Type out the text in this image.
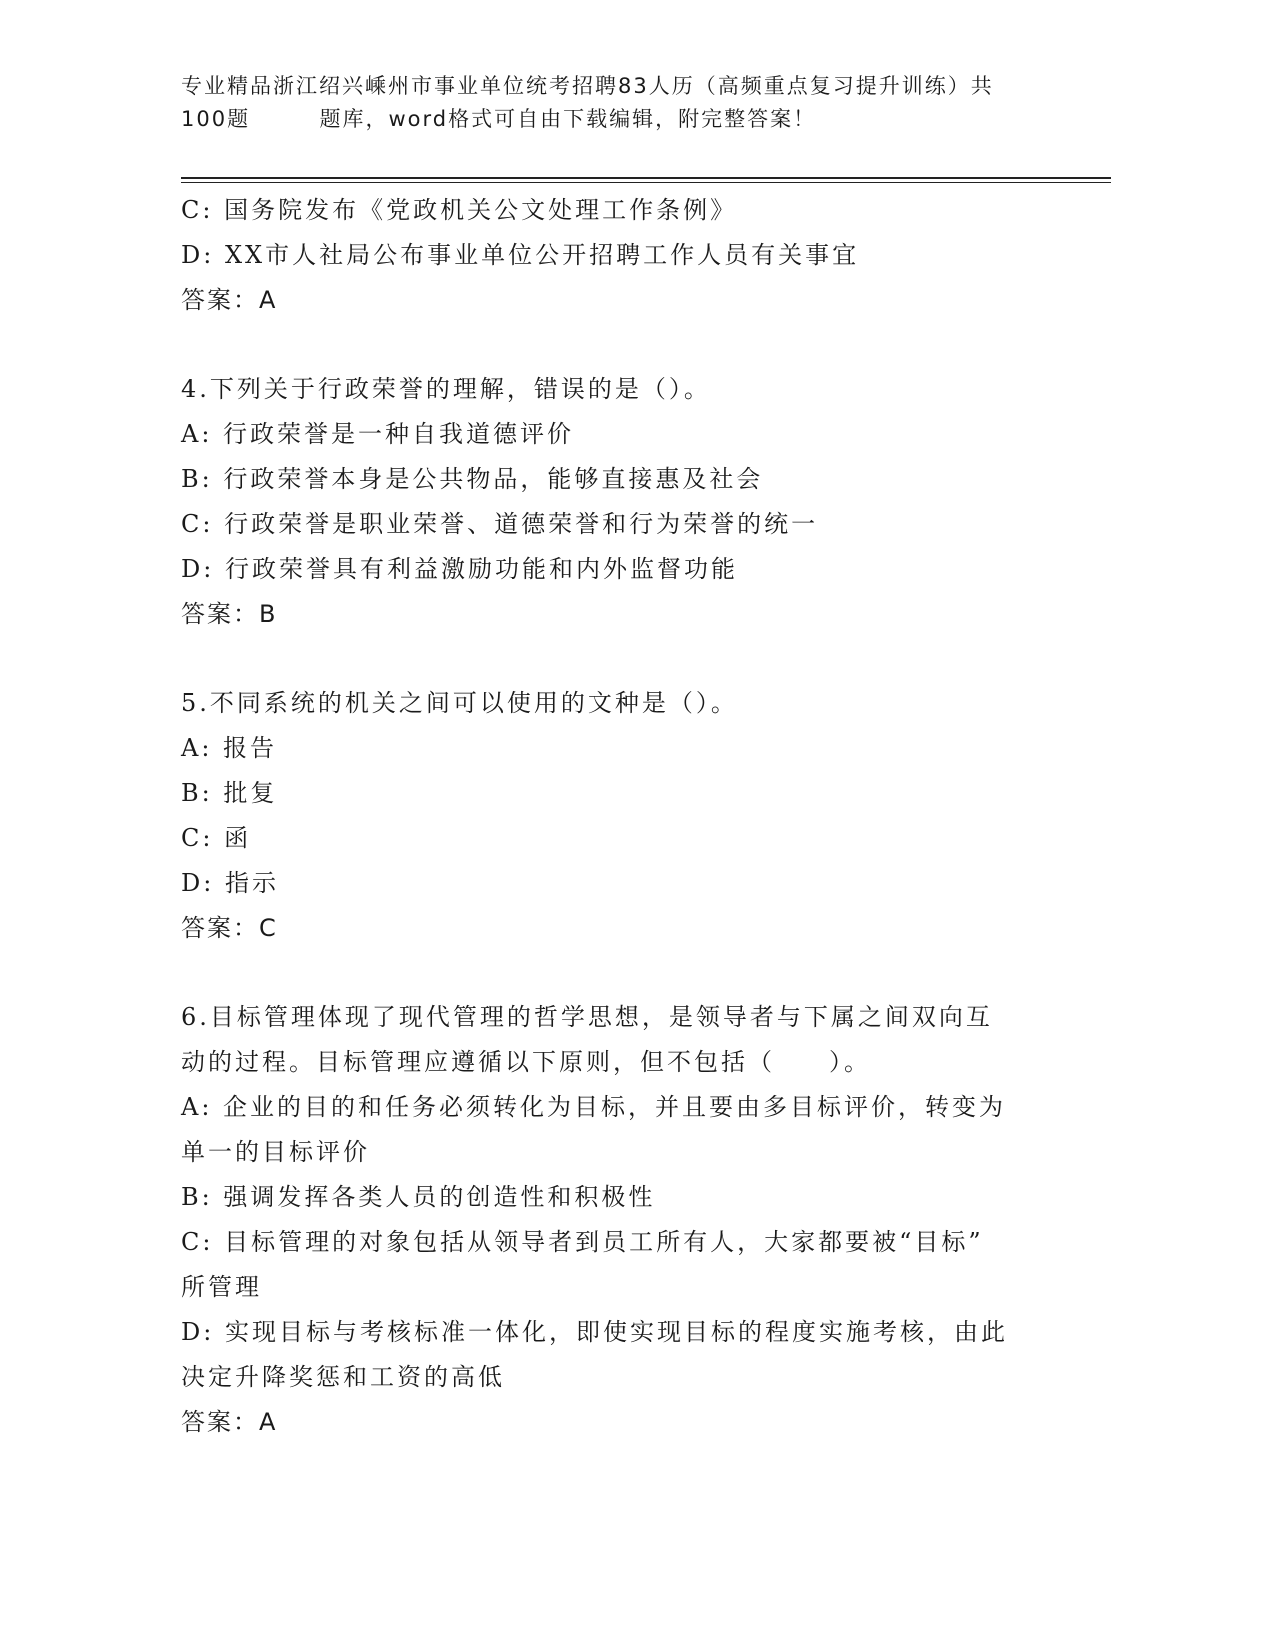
专业精品浙江绍兴嵊州市事业单位统考招聘83人历（高频重点复习提升训练）共
100题        题库，word格式可自由下载编辑，附完整答案！
C: 国务院发布《党政机关公文处理工作条例》
D: XX市人社局公布事业单位公开招聘工作人员有关事宜
答案：A
4.下列关于行政荣誉的理解，错误的是（）。
A: 行政荣誉是一种自我道德评价
B: 行政荣誉本身是公共物品，能够直接惠及社会
C: 行政荣誉是职业荣誉、道德荣誉和行为荣誉的统一
D: 行政荣誉具有利益激励功能和内外监督功能
答案：B
5.不同系统的机关之间可以使用的文种是（）。
A: 报告
B: 批复
C: 函
D: 指示
答案：C
6.目标管理体现了现代管理的哲学思想，是领导者与下属之间双向互
动的过程。目标管理应遵循以下原则，但不包括（　　）。
A: 企业的目的和任务必须转化为目标，并且要由多目标评价，转变为
单一的目标评价
B: 强调发挥各类人员的创造性和积极性
C: 目标管理的对象包括从领导者到员工所有人，大家都要被“目标”
所管理
D: 实现目标与考核标准一体化，即使实现目标的程度实施考核，由此
决定升降奖惩和工资的高低
答案：A
